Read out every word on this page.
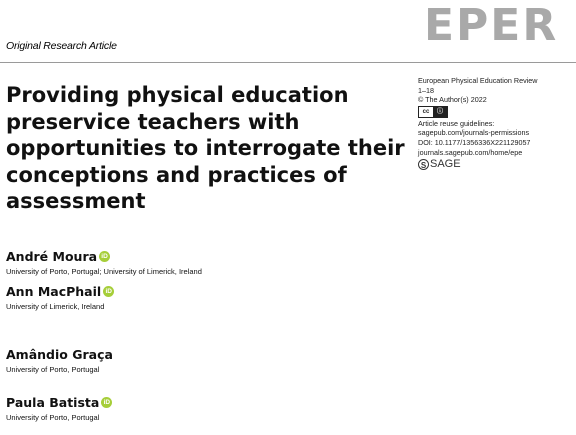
Original Research Article	EPER
Providing physical education preservice teachers with opportunities to interrogate their conceptions and practices of assessment
European Physical Education Review
1–18
© The Author(s) 2022
cc	ⓘ
Article reuse guidelines:
sagepub.com/journals-permissions
DOI: 10.1177/1356336X221129057
journals.sagepub.com/home/epe
S SAGE
André Moura iD
University of Porto, Portugal; University of Limerick, Ireland
Ann MacPhail iD
University of Limerick, Ireland
Amândio Graça
University of Porto, Portugal
Paula Batista iD
University of Porto, Portugal
